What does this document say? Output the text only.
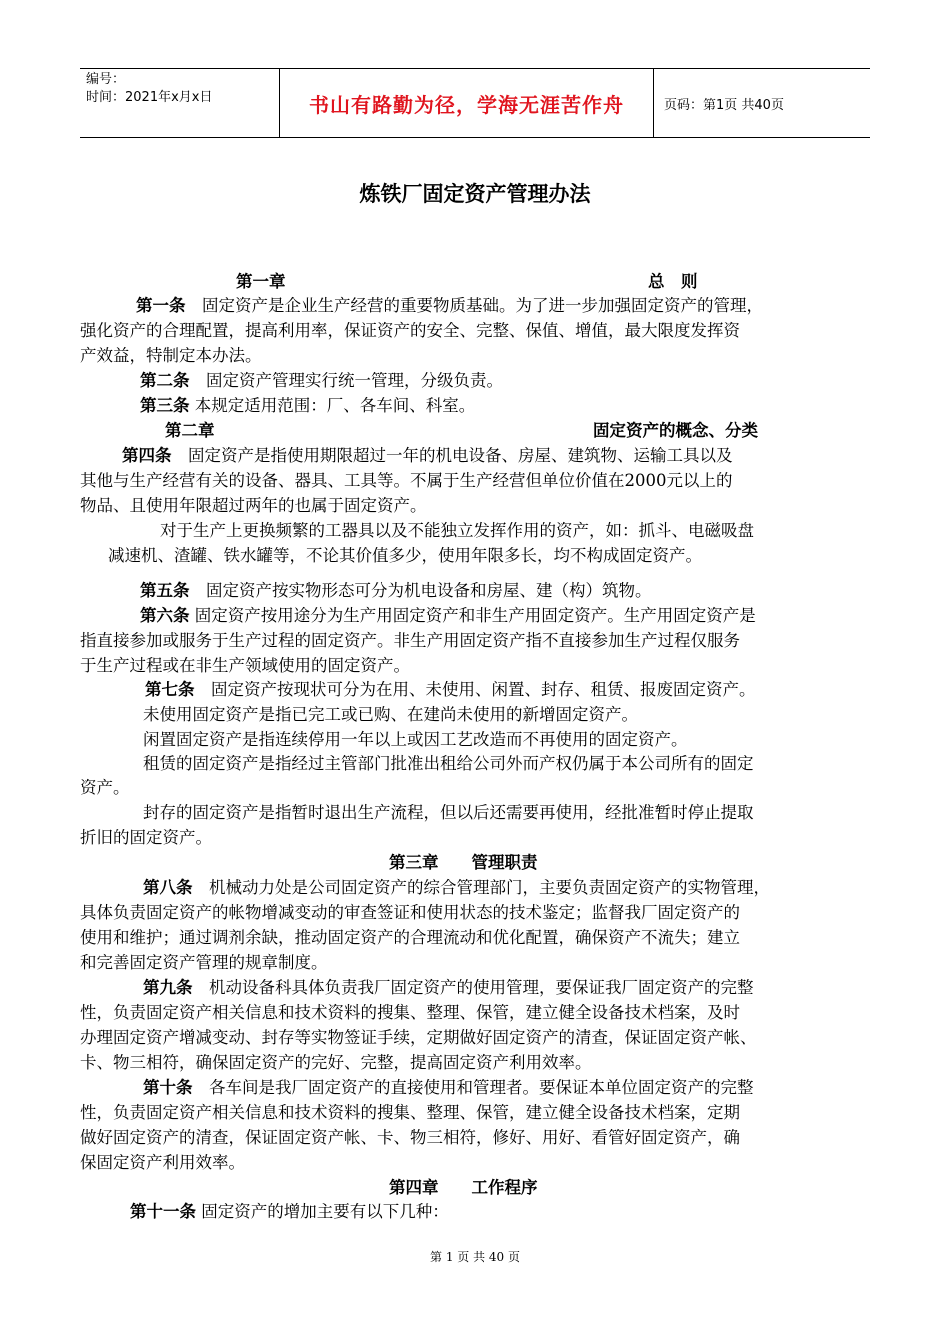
编号：
时间：2021年x月x日	书山有路勤为径，学海无涯苦作舟	页码：第1页 共40页
炼铁厂固定资产管理办法
第一章	总　则
第一条　固定资产是企业生产经营的重要物质基础。为了进一步加强固定资产的管理，
强化资产的合理配置，提高利用率，保证资产的安全、完整、保值、增值，最大限度发挥资
产效益，特制定本办法。
第二条　固定资产管理实行统一管理，分级负责。
第三条 本规定适用范围：厂、各车间、科室。
第二章	固定资产的概念、分类
第四条　固定资产是指使用期限超过一年的机电设备、房屋、建筑物、运输工具以及
其他与生产经营有关的设备、器具、工具等。不属于生产经营但单位价值在2000元以上的
物品、且使用年限超过两年的也属于固定资产。
对于生产上更换频繁的工器具以及不能独立发挥作用的资产，如：抓斗、电磁吸盘
减速机、渣罐、铁水罐等，不论其价值多少，使用年限多长，均不构成固定资产。
第五条　固定资产按实物形态可分为机电设备和房屋、建（构）筑物。
第六条 固定资产按用途分为生产用固定资产和非生产用固定资产。生产用固定资产是
指直接参加或服务于生产过程的固定资产。非生产用固定资产指不直接参加生产过程仅服务
于生产过程或在非生产领域使用的固定资产。
第七条　固定资产按现状可分为在用、未使用、闲置、封存、租赁、报废固定资产。
未使用固定资产是指已完工或已购、在建尚未使用的新增固定资产。
闲置固定资产是指连续停用一年以上或因工艺改造而不再使用的固定资产。
租赁的固定资产是指经过主管部门批准出租给公司外而产权仍属于本公司所有的固定
资产。
封存的固定资产是指暂时退出生产流程，但以后还需要再使用，经批准暂时停止提取
折旧的固定资产。
第三章　　管理职责
第八条　机械动力处是公司固定资产的综合管理部门，主要负责固定资产的实物管理，
具体负责固定资产的帐物增减变动的审查签证和使用状态的技术鉴定；监督我厂固定资产的
使用和维护；通过调剂余缺，推动固定资产的合理流动和优化配置，确保资产不流失；建立
和完善固定资产管理的规章制度。
第九条　机动设备科具体负责我厂固定资产的使用管理，要保证我厂固定资产的完整
性，负责固定资产相关信息和技术资料的搜集、整理、保管，建立健全设备技术档案，及时
办理固定资产增减变动、封存等实物签证手续，定期做好固定资产的清查，保证固定资产帐、
卡、物三相符，确保固定资产的完好、完整，提高固定资产利用效率。
第十条　各车间是我厂固定资产的直接使用和管理者。要保证本单位固定资产的完整
性，负责固定资产相关信息和技术资料的搜集、整理、保管，建立健全设备技术档案，定期
做好固定资产的清查，保证固定资产帐、卡、物三相符，修好、用好、看管好固定资产，确
保固定资产利用效率。
第四章　　工作程序
第十一条 固定资产的增加主要有以下几种：
第 1 页 共 40 页
